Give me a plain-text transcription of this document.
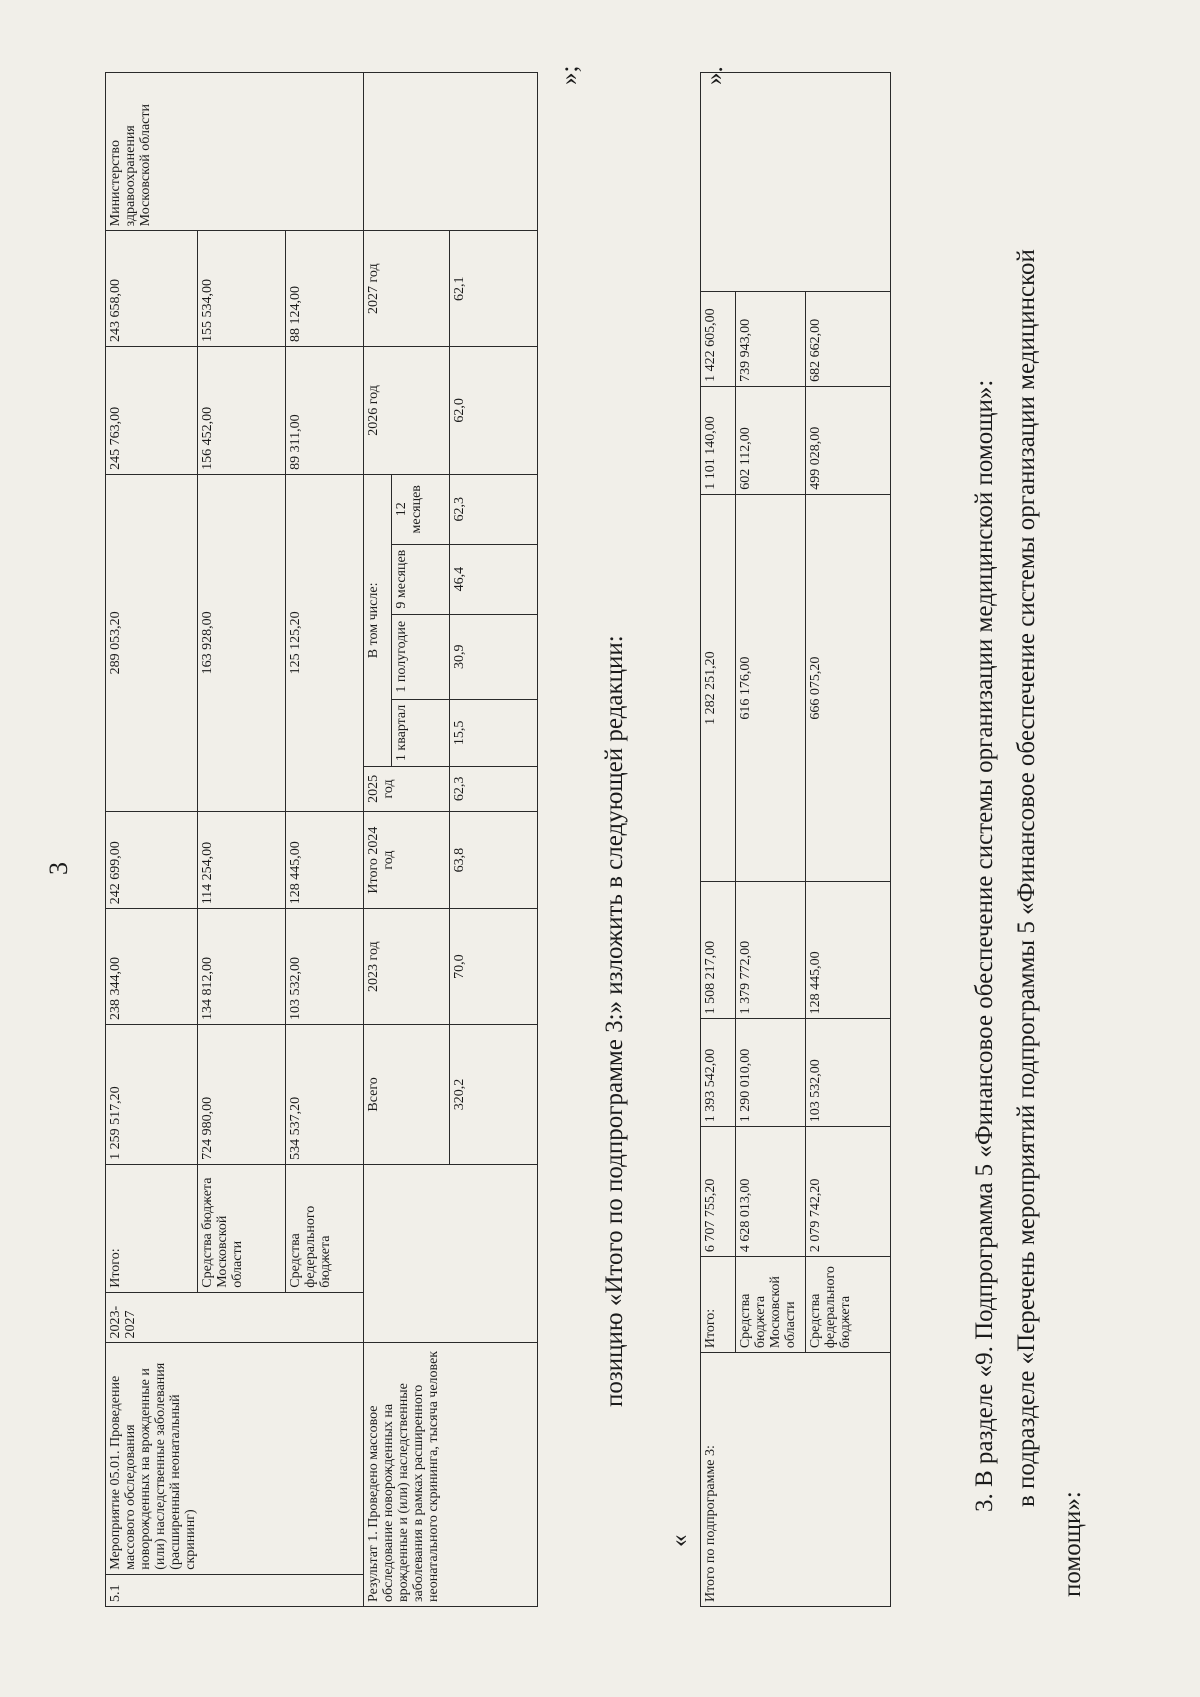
3
5.1	Мероприятие 05.01. Проведение массового обследования новорожденных на врожденные и (или) наследственные заболевания (расширенный неонатальный скрининг)	2023-2027	Итого:	1 259 517,20	238 344,00	242 699,00	289 053,20					245 763,00	243 658,00	Министерство здравоохранения Московской области
			Средства бюджета Московской области	724 980,00	134 812,00	114 254,00	163 928,00					156 452,00	155 534,00	
			Средства федерального бюджета	534 537,20	103 532,00	128 445,00	125 125,20					89 311,00	88 124,00	
Результат 1. Проведено массовое обследование новорожденных на врожденные и (или) наследственные заболевания в рамках расширенного неонатального скрининга, тысяча человек				Всего	2023 год	Итого 2024 год	2025 год	В том числе:				2026 год	2027 год	
								1 квартал	1 полугодие	9 месяцев	12 месяцев			
				320,2	70,0	63,8	62,3	15,5	30,9	46,4	62,3	62,0	62,1	
»;
позицию «Итого по подпрограмме 3:» изложить в следующей редакции:
« Итого по подпрограмме 3:	Итого:	6 707 755,20	1 393 542,00	1 508 217,00	1 282 251,20	1 101 140,00	1 422 605,00	
	Средства бюджета Московской области	4 628 013,00	1 290 010,00	1 379 772,00	616 176,00	602 112,00	739 943,00	
	Средства федерального бюджета	2 079 742,20	103 532,00	128 445,00	666 075,20	499 028,00	682 662,00	
».
3. В разделе «9. Подпрограмма 5 «Финансовое обеспечение системы организации медицинской помощи»: в подразделе «Перечень мероприятий подпрограммы 5 «Финансовое обеспечение системы организации медицинской
помощи»:
